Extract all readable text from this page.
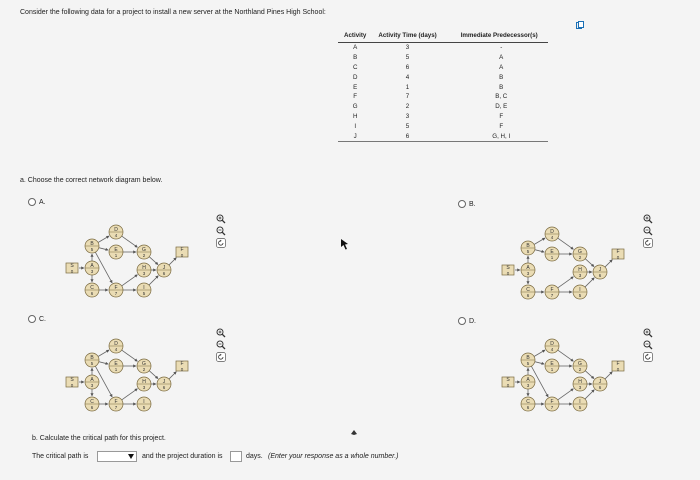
Consider the following data for a project to install a new server at the Northland Pines High School:
Activity	Activity Time (days)	Immediate Predecessor(s)
A	3	-
B	5	A
C	6	A
D	4	B
E	1	B
F	7	B, C
G	2	D, E
H	3	F
I	5	F
J	6	G, H, I
a. Choose the correct network diagram below.
A.	B.
C.	D.
S
0
A
3
B
5
C
6
D
4
E
1
F
7
G
2
H
3
I
5
J
6
F
0
S
0
A
3
B
5
C
6
D
4
E
1
F
7
G
2
H
3
I
5
J
6
F
0
S
0
A
3
B
5
C
6
D
4
E
1
F
7
G
2
H
3
I
5
J
6
F
0
S
0
A
3
B
5
C
6
D
4
E
1
F
7
G
2
H
3
I
5
J
6
F
0
b. Calculate the critical path for this project.
The critical path is	and the project duration is	days. (Enter your response as a whole number.)
